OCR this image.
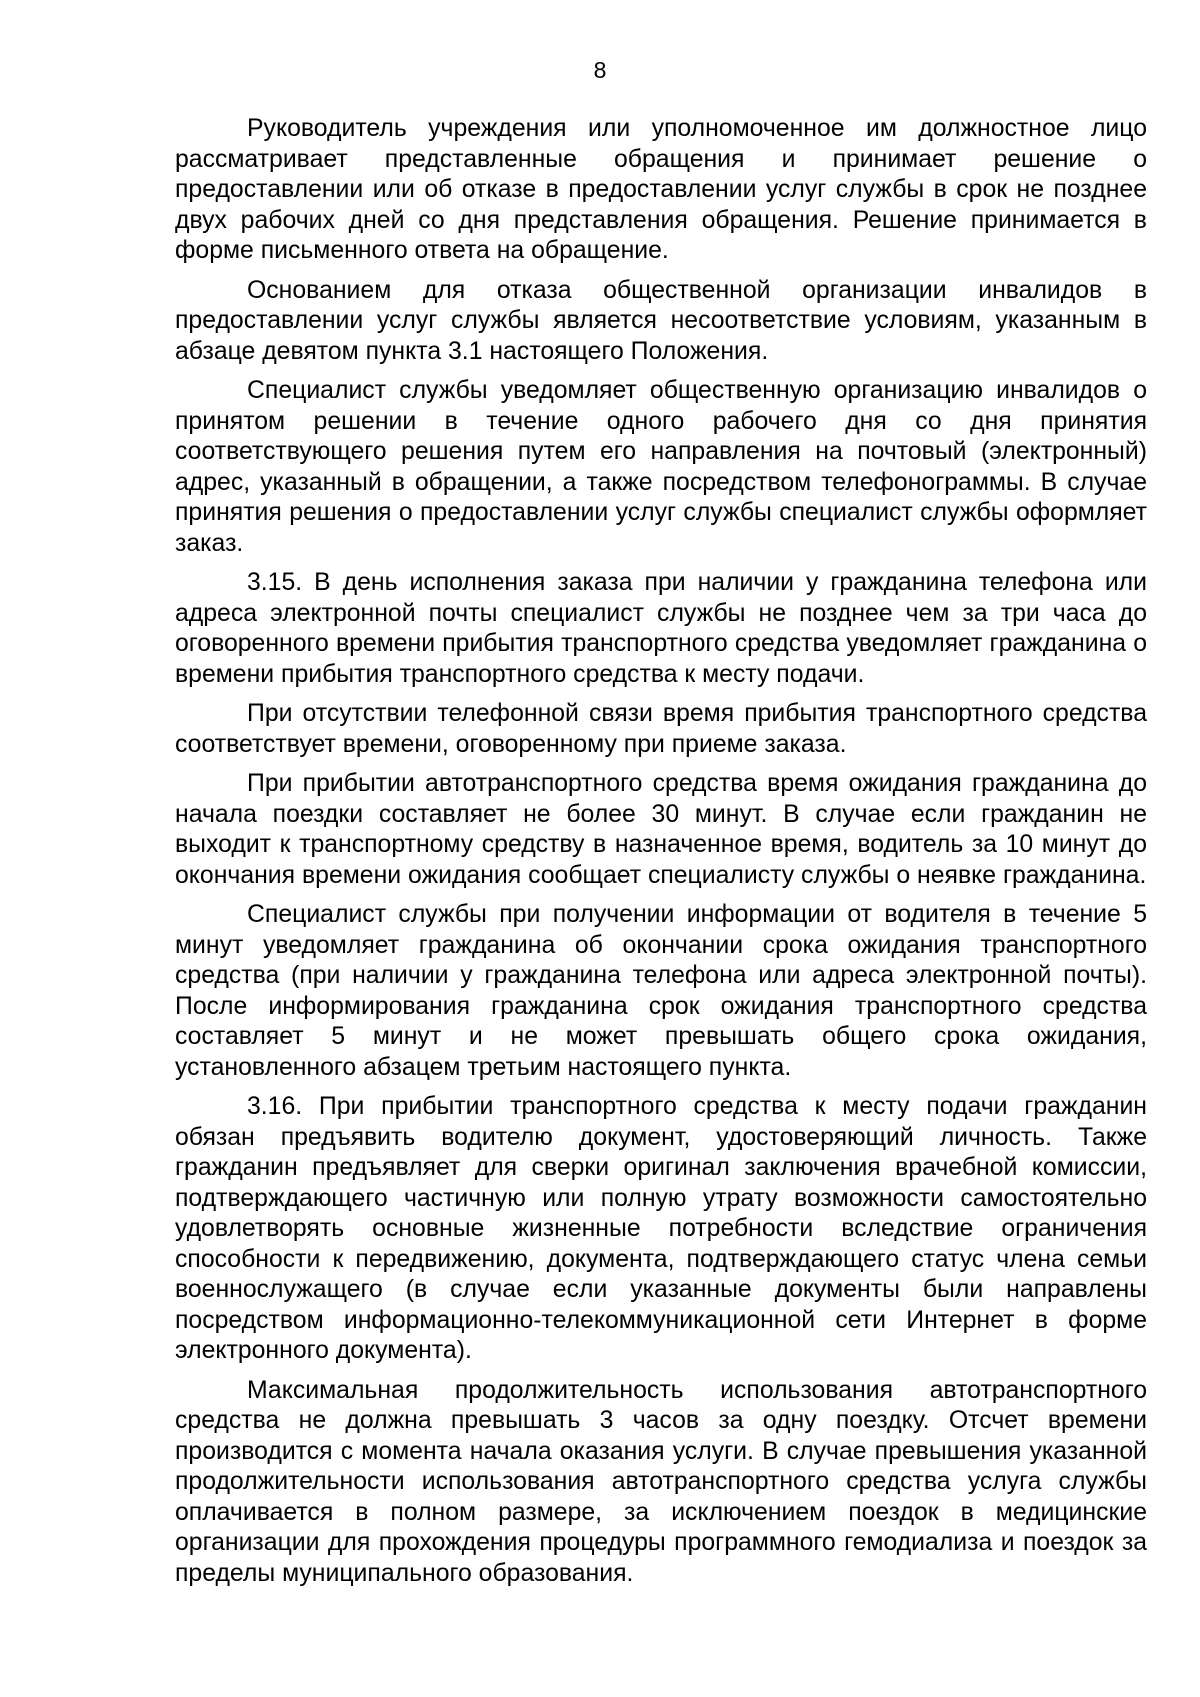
8

Руководитель учреждения или уполномоченное им должностное лицо рассматривает представленные обращения и принимает решение о предоставлении или об отказе в предоставлении услуг службы в срок не позднее двух рабочих дней со дня представления обращения. Решение принимается в форме письменного ответа на обращение.

Основанием для отказа общественной организации инвалидов в предоставлении услуг службы является несоответствие условиям, указанным в абзаце девятом пункта 3.1 настоящего Положения.

Специалист службы уведомляет общественную организацию инвалидов о принятом решении в течение одного рабочего дня со дня принятия соответствующего решения путем его направления на почтовый (электронный) адрес, указанный в обращении, а также посредством телефонограммы. В случае принятия решения о предоставлении услуг службы специалист службы оформляет заказ.

3.15. В день исполнения заказа при наличии у гражданина телефона или адреса электронной почты специалист службы не позднее чем за три часа до оговоренного времени прибытия транспортного средства уведомляет гражданина о времени прибытия транспортного средства к месту подачи.

При отсутствии телефонной связи время прибытия транспортного средства соответствует времени, оговоренному при приеме заказа.

При прибытии автотранспортного средства время ожидания гражданина до начала поездки составляет не более 30 минут. В случае если гражданин не выходит к транспортному средству в назначенное время, водитель за 10 минут до окончания времени ожидания сообщает специалисту службы о неявке гражданина.

Специалист службы при получении информации от водителя в течение 5 минут уведомляет гражданина об окончании срока ожидания транспортного средства (при наличии у гражданина телефона или адреса электронной почты). После информирования гражданина срок ожидания транспортного средства составляет 5 минут и не может превышать общего срока ожидания, установленного абзацем третьим настоящего пункта.

3.16. При прибытии транспортного средства к месту подачи гражданин обязан предъявить водителю документ, удостоверяющий личность. Также гражданин предъявляет для сверки оригинал заключения врачебной комиссии, подтверждающего частичную или полную утрату возможности самостоятельно удовлетворять основные жизненные потребности вследствие ограничения способности к передвижению, документа, подтверждающего статус члена семьи военнослужащего (в случае если указанные документы были направлены посредством информационно-телекоммуникационной сети Интернет в форме электронного документа).

Максимальная продолжительность использования автотранспортного средства не должна превышать 3 часов за одну поездку. Отсчет времени производится с момента начала оказания услуги. В случае превышения указанной продолжительности использования автотранспортного средства услуга службы оплачивается в полном размере, за исключением поездок в медицинские организации для прохождения процедуры программного гемодиализа и поездок за пределы муниципального образования.
